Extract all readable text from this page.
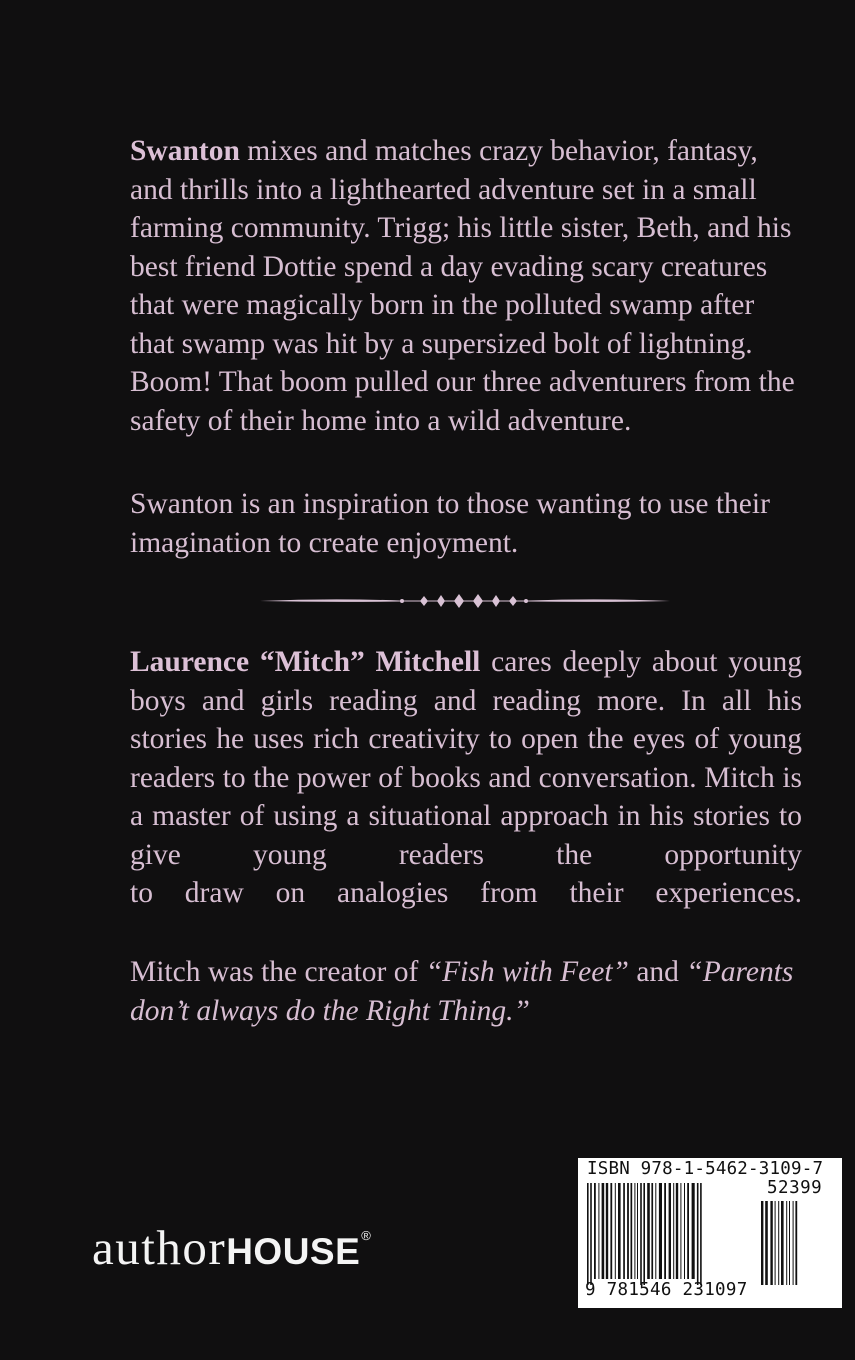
Swanton mixes and matches crazy behavior, fantasy, and thrills into a lighthearted adventure set in a small farming community. Trigg; his little sister, Beth, and his best friend Dottie spend a day evading scary creatures that were magically born in the polluted swamp after that swamp was hit by a supersized bolt of lightning. Boom! That boom pulled our three adventurers from the safety of their home into a wild adventure.

Swanton is an inspiration to those wanting to use their imagination to create enjoyment.

Laurence “Mitch” Mitchell cares deeply about young boys and girls reading and reading more. In all his stories he uses rich creativity to open the eyes of young readers to the power of books and conversation. Mitch is a master of using a situational approach in his stories to give young readers the opportunity
to draw on analogies from their experiences.

Mitch was the creator of “Fish with Feet” and “Parents don’t always do the Right Thing.”

authorHOUSE®
ISBN 978-1-5462-3109-7
52399
9 781546 231097
